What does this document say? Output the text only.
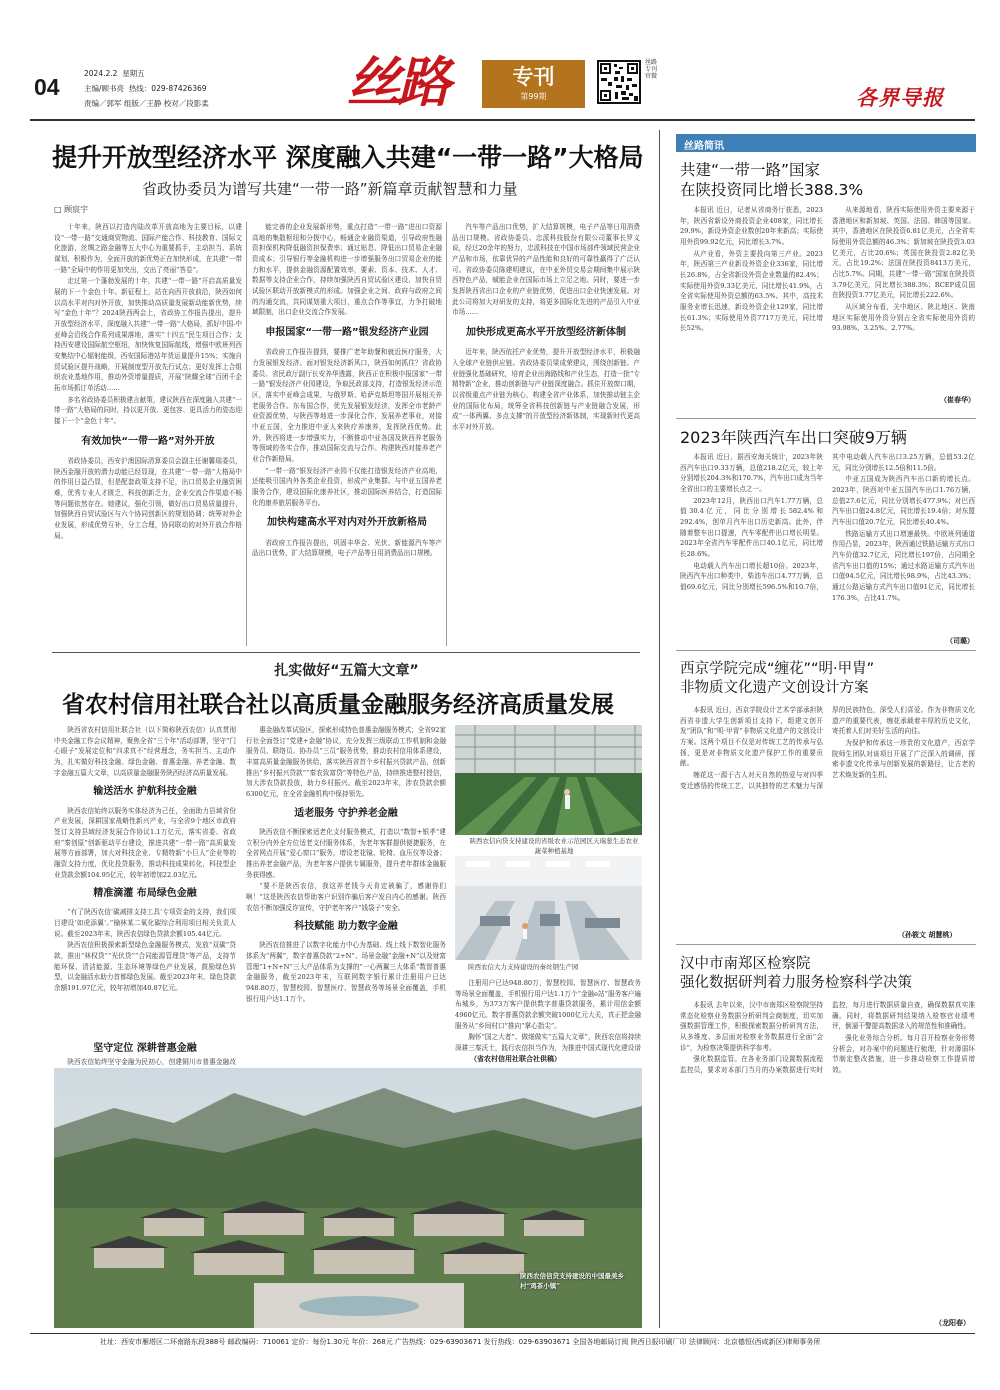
04
2024.2.2 星期五
主编/顾书亮 热线：029-87426369
责编／郭军 组版／王静 校对／段影柔	丝路	专刊
第99期
丝路专刊官微
各界导报
提升开放型经济水平 深度融入共建“一带一路”大格局
省政协委员为谱写共建“一带一路”新篇章贡献智慧和力量
□ 顾宸宇

十年来，陕西以打造内陆改革开放高地为主要目标，以建设“一带一路”交通商贸物流、国际产能合作、科技教育、国际文化旅游、丝绸之路金融等五大中心为重要抓手，主动担当、系统谋划、积极作为，全面开放的新优势正在加快形成，在共建“一带一路”全局中的作用更加突出，交出了亮丽“答卷”。

走过第一个蓬勃发展的十年，共建“一带一路”开启高质量发展的下一个金色十年。新征程上，站在向西开放前沿，陕西如何以高水平对内对外开放，加快推动高质量发展新动能新优势，续写“金色十年”？2024陕西两会上，省政协工作报告提出，提升开放型经济水平，深度融入共建“一带一路”大格局，抓好中国-中亚峰会沿线合作系列成果落地，落实“十四五”民生项目合作；支持西安建设国际航空枢纽，加快恢复国际航线，增强中欧班列西安集结中心辐射能级，西安国际港站年货运量提升15%；实施自贸试验区提升战略，开展制度型开放先行试点；更好发挥上合组织农业基地作用，推动外资增量提质，开展“陕耀全球”百团千企拓市场抓订单活动……

多名省政协委员积极建言献策，建议陕西在深度融入共建“一带一路”大格局的同时，持以更开放、更包容、更具活力的姿态迎接下一个“金色十年”。

有效加快“一带一路”对外开放

省政协委员，西安沪澳国际清算委员会副主任谢馨瑞委员，陕西金融开放的潜力动能已经显现，在共建“一带一路”大格局中的作用日益凸显，但是配套政策支持不足，出口贸易企业融资困难，优秀专业人才匮乏，科技创新乏力，企业交流合作渠道不畅等问题依然存在。她建议，强化引领，做好出口贸易质量提升，加强陕西自贸试验区与六个协同创新区的规划协调；统筹对外企业发展，形成优势互补，分工合理，协同联动的对外开放合作格局。

能完善的企业发展新形势，重点打造“一带一路”进出口资源高地的集散枢纽和分拨中心，畅通企业融资渠道，引导政府性融资担保机构降低融资担保费率；通过贴息、降低出口贸易企业融资成本；引导银行等金融机构进一步增强服务出口贸易企业的能力和水平，提供金融资源配置效率，要素、资本、技术、人才、数据等支持企业合作，持续加强陕西自贸试验区建设，加快自贸试验区联动开放新模式的形成。加强企业之间、政府与政府之间的沟通交流，共同谋划重大项目，重点合作等事宜，力争打破地域限制，出口企业交流合作发展。

申报国家“一带一路”银发经济产业园

省政府工作报告提到，要推广老年助餐和就近医疗服务，大力发展银发经济。面对银发经济新风口，陕西如何抓住？省政协委员、省民政厅副厅长安养华透露，陕西正在积极申报国家“一带一路”银发经济产业园建设，争取民政部支持，打造银发经济示范区，落实中亚峰会成果，与俄罗斯、哈萨克斯坦等国开展相关养老服务合作。东布国合作，优先发展银发经济，发挥全市老龄产业资源优势，与陕西等地进一步深化合作，发展养老事业，对接中亚五国，全力推进中亚人来陕疗养康养，发挥陕西优势。此外，陕西将进一步增强实力，不断推动中亚各国及陕西养老服务等领域的务实合作，推动国际交流与合作。构建陕西对接养老产业合作新格局。

“一带一路”银发经济产业园不仅能打造银发经济产业高地，还能吸引国内外各类企业投资，形成产业集群。与中亚五国养老服务合作，建设国际化康养社区，推动国际医养结合，打造国际化的康养旅居服务平台。

加快构建高水平对内对外开放新格局

省政府工作报告提出，巩固丰华会、光伏、新能源汽车等产品出口优势，扩大结算规模，电子产品等日用消费品出口规模。

汽车等产品出口优势，扩大结算规模，电子产品等日用消费品出口规模。省政协委员、忠派科技股份有限公司董事长罗义说，经过20余年的努力，忠派科技在中国市场部件领域民营企业产品和市场，依靠优异的产品性能和良好的可靠性赢得了广泛认可。省政协委员陈建明建议，在中亚外贸交易会期间集中展示陕西特色产品，赋能企业在国际市场上立足之地。同时，要进一步发挥陕西省出口企业的产业链优势，促进出口企业快速发展。对此公司将加大对研发的支持，将更多国际化先进的产品引入中亚市场……

加快形成更高水平开放型经济新体制

近年来，陕西依托产业优势，提升开放型经济水平，积极融入全球产业链供应链。省政协委员梁成荣建议，围绕创新链、产业链强化基础研究，培育企业出海路线和产业生态，打造一批“专精特新”企业，推动创新链与产业链深度融合。抓住开放窗口期，以省级重点产业链为核心，构建全省产业体系，加快推动链主企业的国际化布局，统筹全省科技创新链与产业链融合发展，形成“一体两翼、多点支撑”的开放型经济新体制，实现新时代更高水平对外开放。

扎实做好“五篇大文章”
省农村信用社联合社以高质量金融服务经济高质量发展

陕西省农村信用社联合社（以下简称陕西农信）认真贯彻中央金融工作会议精神，聚焦全省“三个年”活动部署，坚守“门心眼子”发展定位和“四求真不”经营理念，务实担当、主动作为，扎实做好科技金融、绿色金融、普惠金融、养老金融、数字金融五篇大文章，以高质量金融服务陕西经济高质量发展。

输送活水 护航科技金融

陕西农信始终以服务实体经济为己任，全面助力县域省份产业发展，深耕国家战略性新兴产业，与全省9个地区市政府签订支持县域经济发展合作协议1.1万亿元，落实省委、省政府“秦创原”创新驱动平台建设，推进共建“一带一路”高质量发展等方面部署，加大对科技企业、专精特新“小巨人”企业等的融资支持力度，优化投贷服务，推动科技成果转化，科技型企业贷款余额104.95亿元，较年初增加22.03亿元。

精准滴灌 布局绿色金融

“有了陕西农信‘碳减排支持工具’专项资金的支持，我们项目建设‘如虎添翼’。”榆林某二氧化碳综合利用项目相关负责人说。截至2023年末，陕西农信绿色贷款余额105.44亿元。

陕西农信积极探索新型绿色金融服务模式，发放“双碳”贷款，推出“林权贷”“光伏贷”“合同能源管理贷”等产品，支持节能环保、清洁能源、生态环境等绿色产业发展，鼓励绿色转型，以金融活水助力首都绿色发展。截至2023年末，绿色贷款余额191.97亿元，较年初增加40.87亿元。

坚守定位 深耕普惠金融

陕西农信始终坚守金融为民初心，创建铜川市普惠金融改

惠金融改革试验区，探索形成特色普惠金融服务模式；全省92家行社全面签订“党建+金融”协议，充分发挥三级联动工作机制和金融服务员、联络员、协办员“三员”服务优势，推动农村信用体系建设，丰富高质量金融服务供给，落实陕西省首个乡村振兴贷款产品，创新推出“乡村振兴贷款”“秦农致富贷”等特色产品，持续推进整村授信，加大涉农贷款投放，助力乡村振兴。截至2023年末，涉农贷款余额6300亿元，在全省金融机构中保持领先。

适老服务 守护养老金融

陕西农信不断探索适老化支付服务模式，打造以“数智+银孝”建立积分内外全方位适老支付服务体系，为老年客群提供便捷服务，在全省网点开展“爱心窗口”服务，增设老花镜、轮椅、血压仪等设备；推出养老金融产品，为老年客户提供专属服务，提升老年群体金融服务获得感。

“要不是陕西农信，我这养老钱今天肯定被骗了，感谢你们啊！”这是陕西农信帮助客户识别诈骗后客户发自内心的感谢。陕西农信不断加强反诈宣传，守护老年客户“钱袋子”安全。

科技赋能 助力数字金融

陕西农信推进了以数字化能力中心为基础、线上线下数智化服务体系为“两翼”，数字普惠贷款“2+N”、场景金融“金融+N”以及财富管理“1+N+N”三大产品体系为支撑的“一心两翼三大体系”数智普惠金融服务，截至2023年末，互联网数字银行累计注册用户已达948.80万，智慧校园、智慧医疗、智慧政务等场景全面覆盖，手机银行用户达1.1万个。

陕西农信向贷支持建设的省级农业示范园区天瑞葱生态农业蔬菜种植基地
陕西农信大力支持建设的秦丝钢生产园

注册用户已达948.80万，智慧校园、智慧医疗、智慧政务等场景全面覆盖，手机银行用户达1.1万个“金融e站”服务客户遍布城乡，为373万客户提供数字普惠贷款服务，累计用信金额4960亿元。数字普惠贷款余额突破1000亿元大关，真正把金融服务从“乡间村口”推向“掌心指尖”。

胸怀“国之大者”、做细做实“五篇大文章”，陕西农信将持续深耕三秦沃土，践行农信担当作为，为推进中国式现代化建设谱

（省农村信用社联合社供稿）
陕西农信信贷支持建设的中国最美乡村“鸡茶小镇”
丝路简讯
共建“一带一路”国家
在陕投资同比增长388.3%

本报讯 近日，记者从省商务厅获悉，2023年，陕西省新设外商投资企业408家，同比增长29.9%，新设外资企业数创20年来新高；实际使用外资99.92亿元，同比增长3.7%。

从产业看，外资主要投向第三产业。2023年，陕西第三产业新设外资企业336家，同比增长26.8%，占全省新设外资企业数量的82.4%；实际使用外资9.33亿美元，同比增长41.9%，占全省实际使用外资总额的63.5%。其中，高技术服务业增长迅速，新设外资企业129家，同比增长61.3%；实际使用外资7717万美元，同比增长52%。

从来源地看，陕西实际使用外资主要来源于香港地区和新加坡、英国、法国、韩国等国家。其中，香港地区在陕投资6.81亿美元，占全省实际使用外资总额的46.3%；新加坡在陕投资3.03亿美元，占比20.6%；英国在陕投资2.82亿美元，占比19.2%；法国在陕投资8413万美元，占比5.7%。同期，共建“一带一路”国家在陕投资3.79亿美元，同比增长388.3%；RCEP成员国在陕投资3.77亿美元，同比增长222.6%。

从区域分布看，关中地区、陕北地区、陕南地区实际使用外资分别占全省实际使用外资的93.98%、3.25%、2.77%。

（崔春华）
2023年陕西汽车出口突破9万辆

本报讯 近日，据西安海关统计，2023年陕西汽车出口9.33万辆，总值218.2亿元，较上年分别增长204.3%和170.7%，汽车出口成为当年全省出口的主要增长点之一。

2023年12月，陕西出口汽车1.77万辆，总值30.4亿元，同比分别增长582.4%和292.4%，创单月汽车出口历史新高。此外，伴随着整车出口提速，汽车零配件出口增长明显。2023年全省汽车零配件出口40.1亿元，同比增长28.6%。

电动载人汽车出口增长超10倍。2023年，陕西汽车出口种类中，柴油车出口4.77万辆，总值69.6亿元，同比分别增长596.5%和10.7倍，其中电动载人汽车出口3.25万辆，总值53.2亿元，同比分别增长12.5倍和11.5倍。

中亚五国成为陕西汽车出口新的增长点。2023年，陕西对中亚五国汽车出口1.76万辆，总值27.6亿元，同比分别增长477.9%；对巴西汽车出口值24.8亿元，同比增长19.4倍；对东盟汽车出口值20.7亿元，同比增长40.4%。

铁路运输方式出口增速最快。中欧班列通道作用凸显，2023年，陕西通过铁路运输方式出口汽车价值32.7亿元，同比增长197倍，占同期全省汽车出口值的15%；通过水路运输方式汽车出口值94.5亿元，同比增长98.9%，占比43.3%；通过公路运输方式汽车出口值91亿元，同比增长176.3%，占比41.7%。

（司璐）
西京学院完成“缠花”“明·甲胄”
非物质文化遗产文创设计方案

本报讯 近日，西京学院设计艺术学部承担陕西省非遗大学生创新项目支持下，组建文创开发“团队”和“明·甲胄”非物质文化遗产的文创设计方案。这两个项目不仅是对传统工艺的传承与弘扬，更是对非物质文化遗产保护工作的重要贡献。

缠花这一源于古人对天自然的热爱与对四季变迁感悟的传统工艺，以其独特的艺术魅力与深厚的民族特色，深受人们喜爱。作为非物质文化遗产的重要代表，缠花承载着丰厚的历史文化，寄托着人们对美好生活的向往。

为保护和传承这一珍贵的文化遗产，西京学院师生团队对该项目开展了广泛深入的调研，探索非遗文化传承与创新发展的新路径，让古老的艺术焕发新的生机。

（孙筱文 胡慧桃）
汉中市南郑区检察院
强化数据研判着力服务检察科学决策

本报讯 去年以来，汉中市南郑区检察院坚持常态化检察业务数据分析研判会商制度，切实加强数据管理工作，积极探索数据分析研判方法，从多维度、多层面对检察业务数据进行全面“会诊”，为检察决策提供科学参考。

强化数据监管。在各业务部门设置数据流程监控员，要求对本部门当月的办案数据进行实时监控，每月进行数据质量自查，确保数据真实准确。同时，将数据研判结果纳入检察官业绩考评，倒逼干警提高数据录入的规范性和准确性。

强化业务综合分析。每月召开检察业务形势分析会，对办案中的问题进行梳理，针对薄弱环节制定整改措施，进一步推动检察工作提质增效。

（龙阳春）
社址：西安市雁塔区二环南路东段388号 邮政编码：710061 定价：每份1.30元 年价：268元 广告热线：029-63903671 发行热线：029-63903671 全国各地邮局订阅 陕西日报印刷厂印 法律顾问：北京德恒(西咸新区)律师事务所
